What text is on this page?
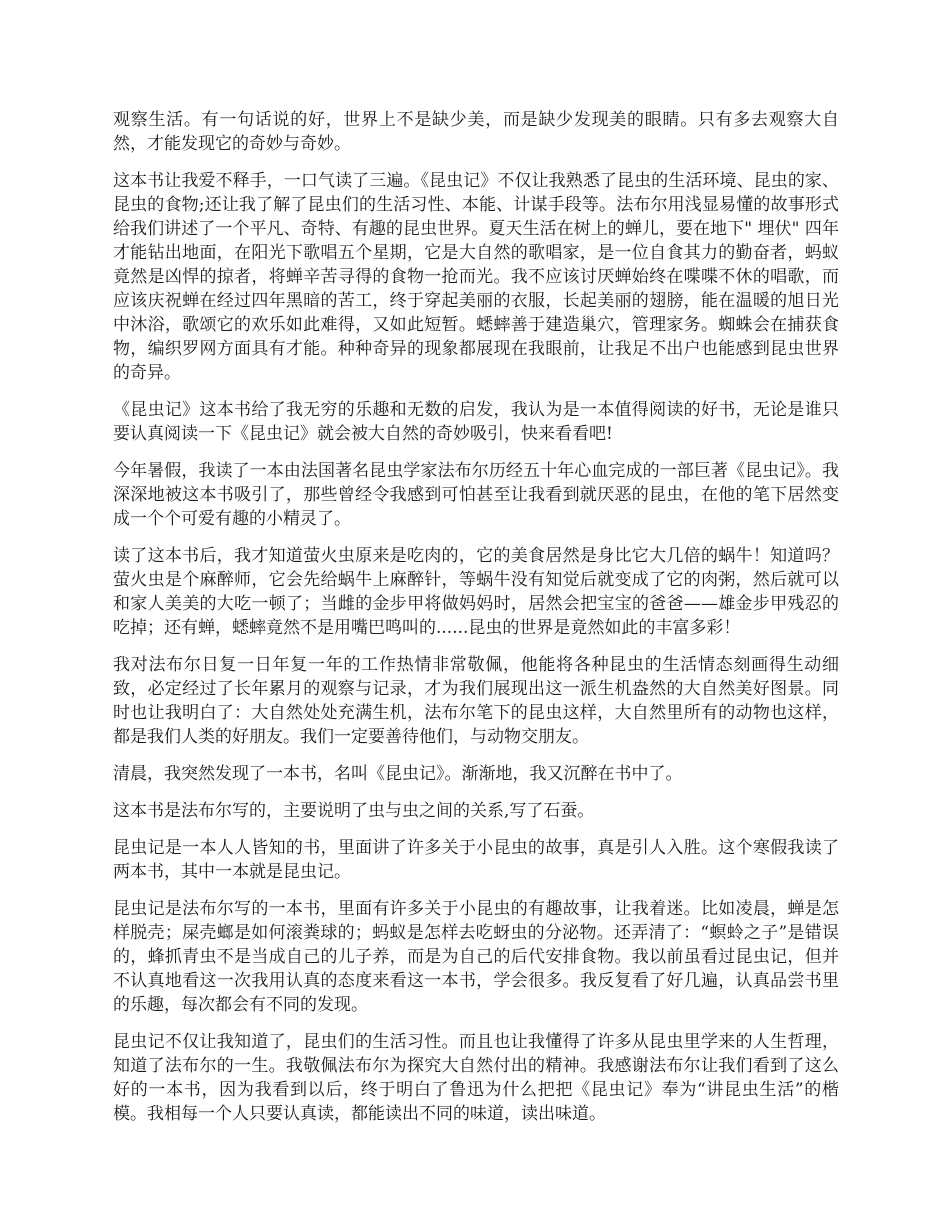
观察生活。有一句话说的好，世界上不是缺少美，而是缺少发现美的眼睛。只有多去观察大自然，才能发现它的奇妙与奇妙。

这本书让我爱不释手，一口气读了三遍。《昆虫记》不仅让我熟悉了昆虫的生活环境、昆虫的家、昆虫的食物;还让我了解了昆虫们的生活习性、本能、计谋手段等。法布尔用浅显易懂的故事形式给我们讲述了一个平凡、奇特、有趣的昆虫世界。夏天生活在树上的蝉儿，要在地下" 埋伏" 四年才能钻出地面，在阳光下歌唱五个星期，它是大自然的歌唱家，是一位自食其力的勤奋者，蚂蚁竟然是凶悍的掠者，将蝉辛苦寻得的食物一抢而光。我不应该讨厌蝉始终在喋喋不休的唱歌，而应该庆祝蝉在经过四年黑暗的苦工，终于穿起美丽的衣服，长起美丽的翅膀，能在温暖的旭日光中沐浴，歌颂它的欢乐如此难得，又如此短暂。蟋蟀善于建造巢穴，管理家务。蜘蛛会在捕获食物，编织罗网方面具有才能。种种奇异的现象都展现在我眼前，让我足不出户也能感到昆虫世界的奇异。

《昆虫记》这本书给了我无穷的乐趣和无数的启发，我认为是一本值得阅读的好书，无论是谁只要认真阅读一下《昆虫记》就会被大自然的奇妙吸引，快来看看吧!

今年暑假，我读了一本由法国著名昆虫学家法布尔历经五十年心血完成的一部巨著《昆虫记》。我深深地被这本书吸引了，那些曾经令我感到可怕甚至让我看到就厌恶的昆虫，在他的笔下居然变成一个个可爱有趣的小精灵了。

读了这本书后，我才知道萤火虫原来是吃肉的，它的美食居然是身比它大几倍的蜗牛！知道吗？萤火虫是个麻醉师，它会先给蜗牛上麻醉针，等蜗牛没有知觉后就变成了它的肉粥，然后就可以和家人美美的大吃一顿了；当雌的金步甲将做妈妈时，居然会把宝宝的爸爸——雄金步甲残忍的吃掉；还有蝉，蟋蟀竟然不是用嘴巴鸣叫的......昆虫的世界是竟然如此的丰富多彩！

我对法布尔日复一日年复一年的工作热情非常敬佩，他能将各种昆虫的生活情态刻画得生动细致，必定经过了长年累月的观察与记录，才为我们展现出这一派生机盎然的大自然美好图景。同时也让我明白了：大自然处处充满生机，法布尔笔下的昆虫这样，大自然里所有的动物也这样，都是我们人类的好朋友。我们一定要善待他们，与动物交朋友。

清晨，我突然发现了一本书，名叫《昆虫记》。渐渐地，我又沉醉在书中了。

这本书是法布尔写的，主要说明了虫与虫之间的关系,写了石蚕。

昆虫记是一本人人皆知的书，里面讲了许多关于小昆虫的故事，真是引人入胜。这个寒假我读了两本书，其中一本就是昆虫记。

昆虫记是法布尔写的一本书，里面有许多关于小昆虫的有趣故事，让我着迷。比如凌晨，蝉是怎样脱壳；屎壳螂是如何滚粪球的；蚂蚁是怎样去吃蚜虫的分泌物。还弄清了：“螟蛉之子”是错误的，蜂抓青虫不是当成自己的儿子养，而是为自己的后代安排食物。我以前虽看过昆虫记，但并不认真地看这一次我用认真的态度来看这一本书，学会很多。我反复看了好几遍，认真品尝书里的乐趣，每次都会有不同的发现。

昆虫记不仅让我知道了，昆虫们的生活习性。而且也让我懂得了许多从昆虫里学来的人生哲理，知道了法布尔的一生。我敬佩法布尔为探究大自然付出的精神。我感谢法布尔让我们看到了这么好的一本书，因为我看到以后，终于明白了鲁迅为什么把把《昆虫记》奉为“讲昆虫生活”的楷模。我相每一个人只要认真读，都能读出不同的味道，读出味道。
